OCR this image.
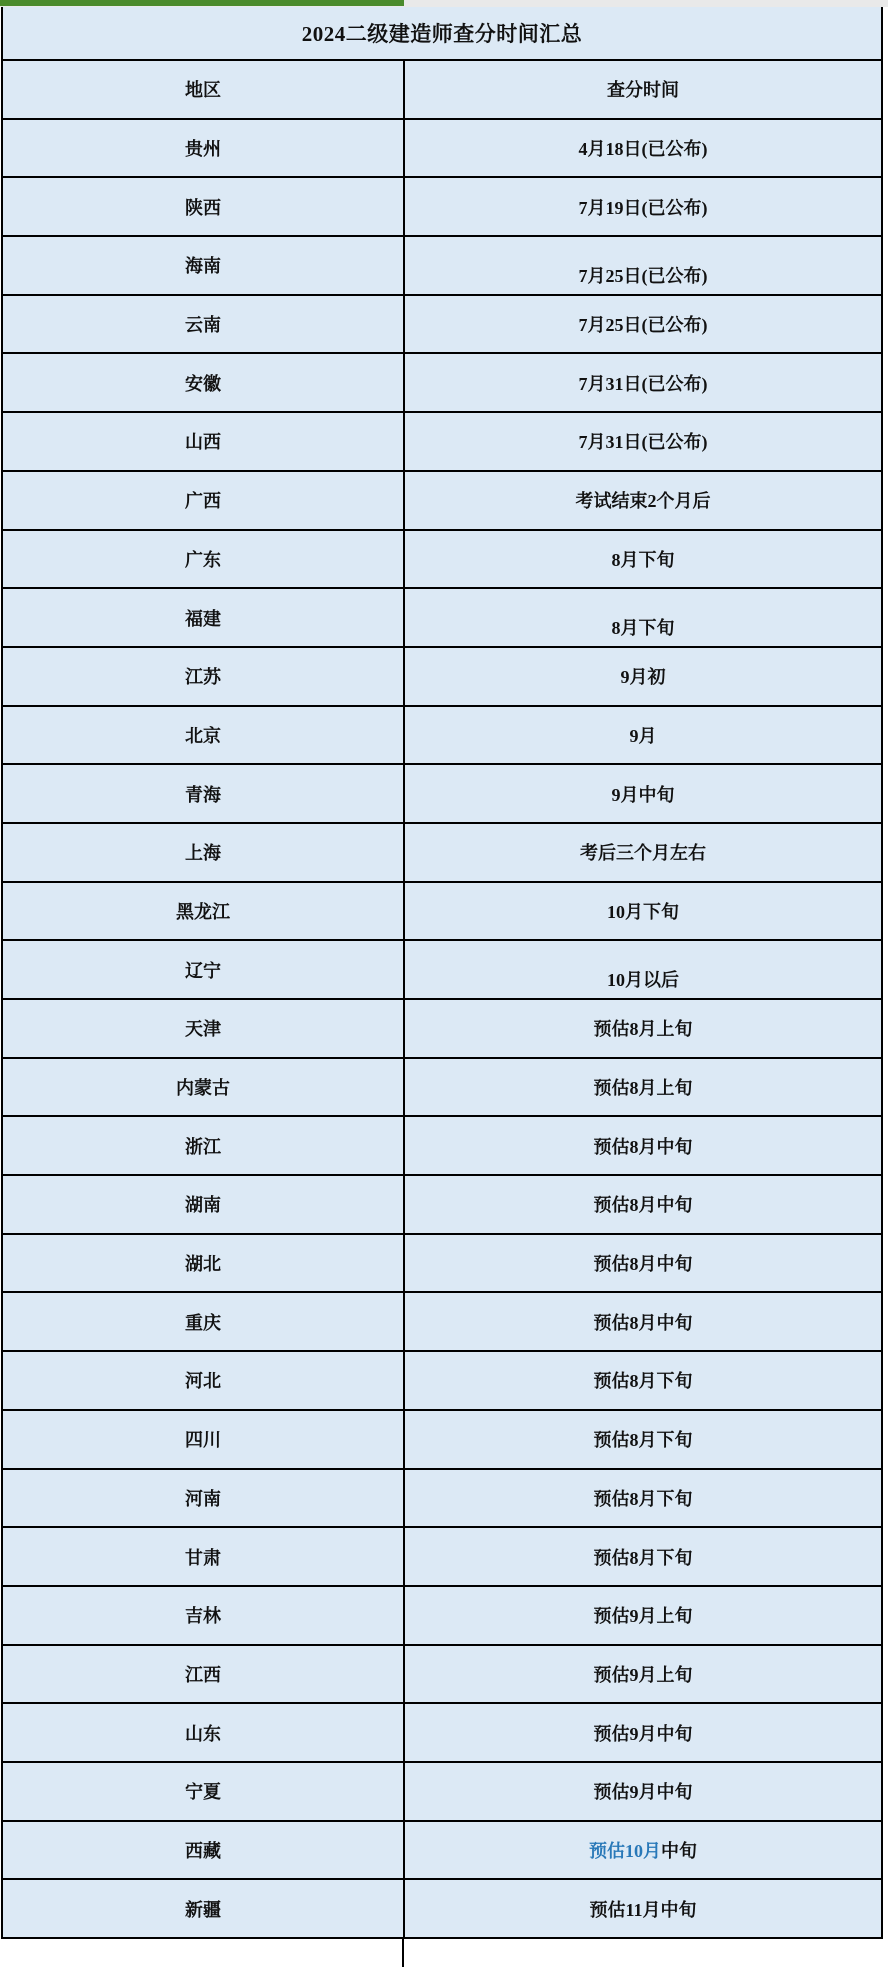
2024二级建造师查分时间汇总
地区	查分时间
贵州	4月18日(已公布)
陕西	7月19日(已公布)
海南	7月25日(已公布)
云南	7月25日(已公布)
安徽	7月31日(已公布)
山西	7月31日(已公布)
广西	考试结束2个月后
广东	8月下旬
福建	8月下旬
江苏	9月初
北京	9月
青海	9月中旬
上海	考后三个月左右
黑龙江	10月下旬
辽宁	10月以后
天津	预估8月上旬
内蒙古	预估8月上旬
浙江	预估8月中旬
湖南	预估8月中旬
湖北	预估8月中旬
重庆	预估8月中旬
河北	预估8月下旬
四川	预估8月下旬
河南	预估8月下旬
甘肃	预估8月下旬
吉林	预估9月上旬
江西	预估9月上旬
山东	预估9月中旬
宁夏	预估9月中旬
西藏	预估10月 中旬
新疆	预估11月中旬
